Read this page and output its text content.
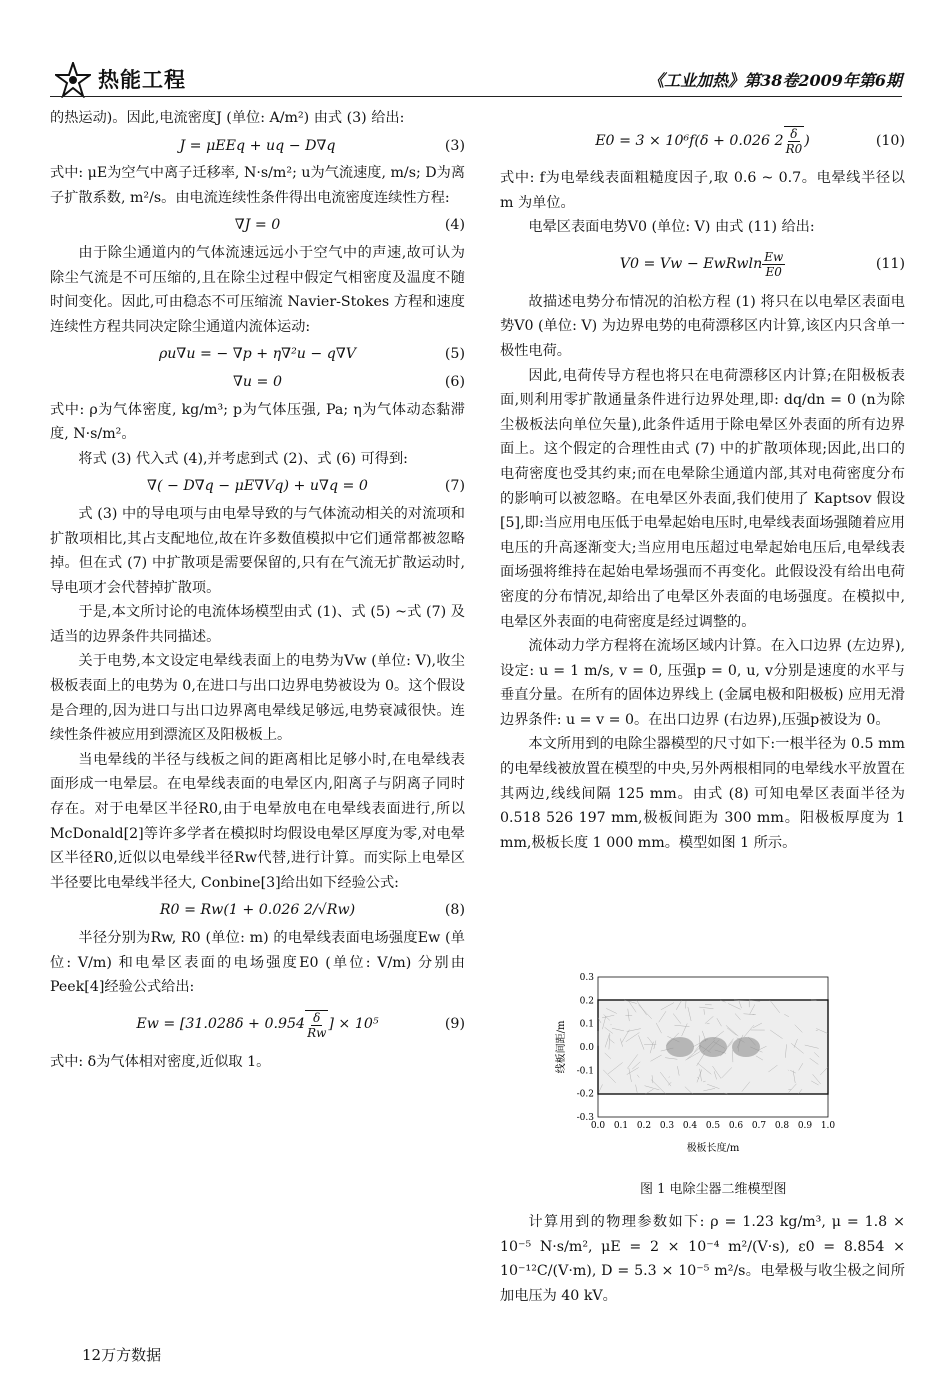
热能工程	《工业加热》第38卷2009年第6期

的热运动)。因此,电流密度J (单位: A/m²) 由式 (3) 给出:

J = μEEq + uq − D∇q	(3)

式中: μE为空气中离子迁移率, N·s/m²; u为气流速度, m/s; D为离子扩散系数, m²/s。由电流连续性条件得出电流密度连续性方程:

∇J = 0	(4)

由于除尘通道内的气体流速远远小于空气中的声速,故可认为除尘气流是不可压缩的,且在除尘过程中假定气相密度及温度不随时间变化。因此,可由稳态不可压缩流 Navier-Stokes 方程和速度连续性方程共同决定除尘通道内流体运动:

ρu∇u = − ∇p + η∇²u − q∇V	(5)
∇u = 0	(6)

式中: ρ为气体密度, kg/m³; p为气体压强, Pa; η为气体动态黏滞度, N·s/m²。

将式 (3) 代入式 (4),并考虑到式 (2)、式 (6) 可得到:

∇( − D∇q − μE∇Vq) + u∇q = 0	(7)

式 (3) 中的导电项与由电晕导致的与气体流动相关的对流项和扩散项相比,其占支配地位,故在许多数值模拟中它们通常都被忽略掉。但在式 (7) 中扩散项是需要保留的,只有在气流无扩散运动时,导电项才会代替掉扩散项。

于是,本文所讨论的电流体场模型由式 (1)、式 (5) ~式 (7) 及适当的边界条件共同描述。

关于电势,本文设定电晕线表面上的电势为Vw (单位: V),收尘极板表面上的电势为 0,在进口与出口边界电势被设为 0。这个假设是合理的,因为进口与出口边界离电晕线足够远,电势衰减很快。连续性条件被应用到漂流区及阳极板上。

当电晕线的半径与线板之间的距离相比足够小时,在电晕线表面形成一电晕层。在电晕线表面的电晕区内,阳离子与阴离子同时存在。对于电晕区半径R0,由于电晕放电在电晕线表面进行,所以 McDonald[2]等许多学者在模拟时均假设电晕区厚度为零,对电晕区半径R0,近似以电晕线半径Rw代替,进行计算。而实际上电晕区半径要比电晕线半径大, Conbine[3]给出如下经验公式:

R0 = Rw(1 + 0.026 2/√Rw)	(8)

半径分别为Rw, R0 (单位: m) 的电晕线表面电场强度Ew (单位: V/m) 和电晕区表面的电场强度E0 (单位: V/m) 分别由 Peek[4]经验公式给出:

$Ew = [31.028\delta + 0.954 \frac{\delta}{Rw}$ ] × 10⁵	(9)

式中: δ为气体相对密度,近似取 1。

E0 = 3 × 10⁶f(δ + 0.026 $2 \frac{\delta}{R0}$ )	(10)

式中: f为电晕线表面粗糙度因子,取 0.6 ~ 0.7。电晕线半径以 m 为单位。

电晕区表面电势V0 (单位: V) 由式 (11) 给出:

V0 = Vw − EwRwln $\frac{Ew}{E0}$	(11)

故描述电势分布情况的泊松方程 (1) 将只在以电晕区表面电势V0 (单位: V) 为边界电势的电荷漂移区内计算,该区内只含单一极性电荷。

因此,电荷传导方程也将只在电荷漂移区内计算;在阳极板表面,则利用零扩散通量条件进行边界处理,即: dq/dn = 0 (n为除尘极板法向单位矢量),此条件适用于除电晕区外表面的所有边界面上。这个假定的合理性由式 (7) 中的扩散项体现;因此,出口的电荷密度也受其约束;而在电晕除尘通道内部,其对电荷密度分布的影响可以被忽略。在电晕区外表面,我们使用了 Kaptsov 假设[5],即:当应用电压低于电晕起始电压时,电晕线表面场强随着应用电压的升高逐渐变大;当应用电压超过电晕起始电压后,电晕线表面场强将维持在起始电晕场强而不再变化。此假设没有给出电荷密度的分布情况,却给出了电晕区外表面的电场强度。在模拟中,电晕区外表面的电荷密度是经过调整的。

流体动力学方程将在流场区域内计算。在入口边界 (左边界),设定: u = 1 m/s, v = 0, 压强p = 0, u, v分别是速度的水平与垂直分量。在所有的固体边界线上 (金属电极和阳极板) 应用无滑边界条件: u = v = 0。在出口边界 (右边界),压强p被设为 0。

本文所用到的电除尘器模型的尺寸如下:一根半径为 0.5 mm 的电晕线被放置在模型的中央,另外两根相同的电晕线水平放置在其两边,线线间隔 125 mm。由式 (8) 可知电晕区表面半径为 0.518 526 197 mm,极板间距为 300 mm。阳极板厚度为 1 mm,极板长度 1 000 mm。模型如图 1 所示。

0.3
0.2
0.1
0.0
-0.1
-0.2
-0.3
0.0 0.1 0.2 0.3 0.4 0.5 0.6 0.7 0.8 0.9 1.0
极板长度/m
线板间距/m
图 1 电除尘器二维模型图

计算用到的物理参数如下: ρ = 1.23 kg/m³, μ = 1.8 × 10⁻⁵ N·s/m², μE = 2 × 10⁻⁴ m²/(V·s), ε0 = 8.854 × 10⁻¹²C/(V·m), D = 5.3 × 10⁻⁵ m²/s。电晕极与收尘极之间所加电压为 40 kV。

12万方数据
